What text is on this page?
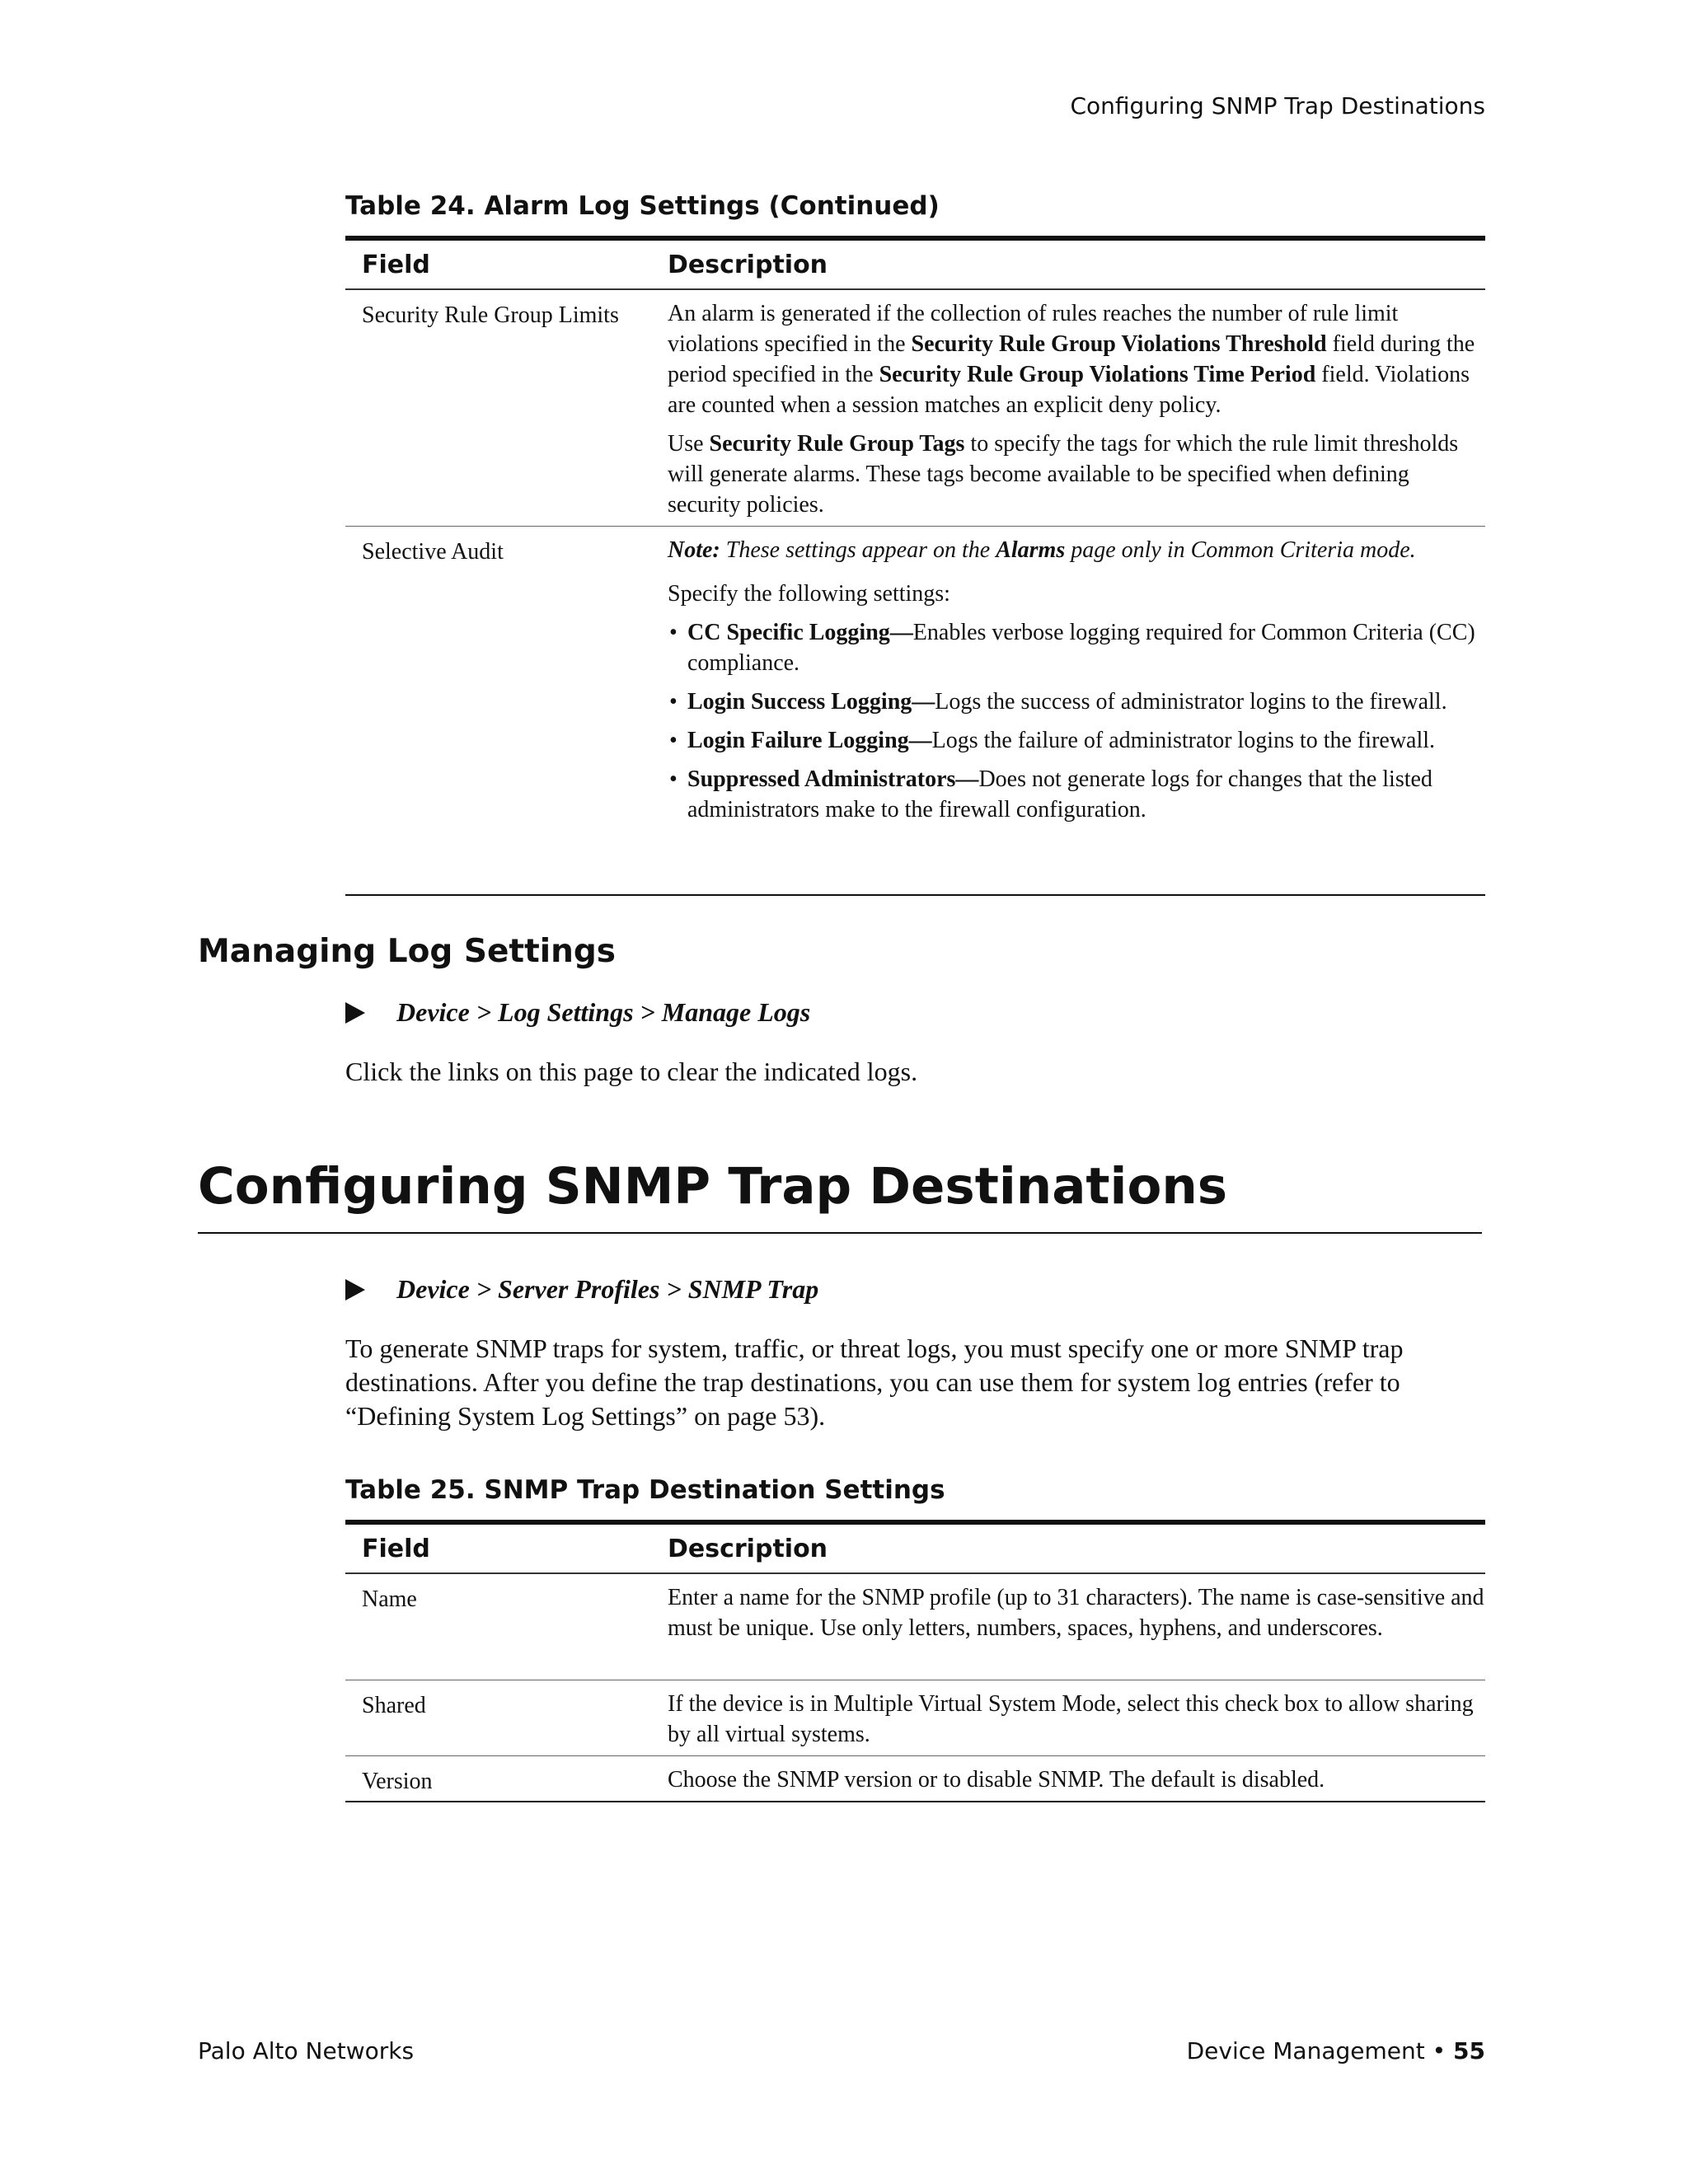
Configuring SNMP Trap Destinations
Table 24. Alarm Log Settings (Continued)
Field	Description
Security Rule Group Limits	An alarm is generated if the collection of rules reaches the number of rule limit violations specified in the Security Rule Group Violations Threshold field during the period specified in the Security Rule Group Violations Time Period field. Violations are counted when a session matches an explicit deny policy.

Use Security Rule Group Tags to specify the tags for which the rule limit thresholds will generate alarms. These tags become available to be specified when defining security policies.

Selective Audit	Note: These settings appear on the Alarms page only in Common Criteria mode.

Specify the following settings:

• CC Specific Logging—Enables verbose logging required for Common Criteria (CC) compliance.
• Login Success Logging—Logs the success of administrator logins to the firewall.
• Login Failure Logging—Logs the failure of administrator logins to the firewall.
• Suppressed Administrators—Does not generate logs for changes that the listed administrators make to the firewall configuration.
Managing Log Settings
Device > Log Settings > Manage Logs
Click the links on this page to clear the indicated logs.
Configuring SNMP Trap Destinations
Device > Server Profiles > SNMP Trap
To generate SNMP traps for system, traffic, or threat logs, you must specify one or more SNMP trap destinations. After you define the trap destinations, you can use them for system log entries (refer to “Defining System Log Settings” on page 53).
Table 25. SNMP Trap Destination Settings
Field	Description
Name	Enter a name for the SNMP profile (up to 31 characters). The name is case-sensitive and must be unique. Use only letters, numbers, spaces, hyphens, and underscores.
Shared	If the device is in Multiple Virtual System Mode, select this check box to allow sharing by all virtual systems.
Version	Choose the SNMP version or to disable SNMP. The default is disabled.
Palo Alto Networks	Device Management • 55
